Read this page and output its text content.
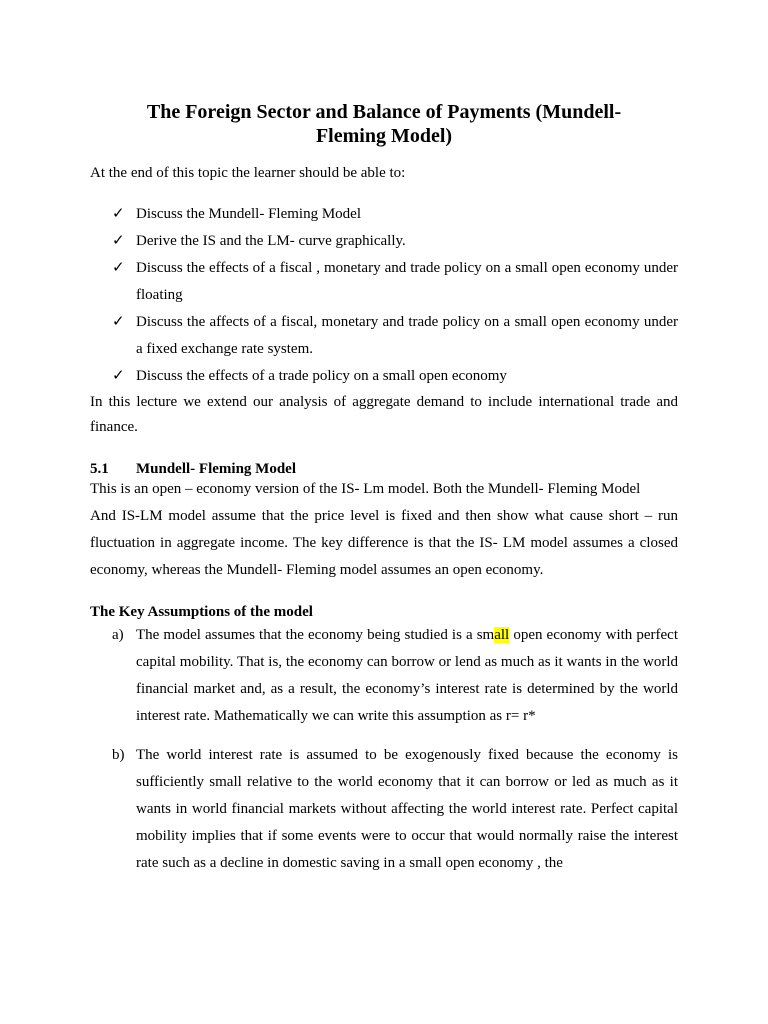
The Foreign Sector and Balance of Payments (Mundell-
Fleming Model)

At the end of this topic the learner should be able to:

✓ Discuss the Mundell- Fleming Model
✓ Derive the IS and the LM- curve graphically.
✓ Discuss the effects of a fiscal , monetary and trade policy on a small open economy under floating
✓ Discuss the affects of a fiscal, monetary and trade policy on a small open economy under a fixed exchange rate system.
✓ Discuss the effects of a trade policy on a small open economy

In this lecture we extend our analysis of aggregate demand to include international trade and finance.

5.1	Mundell- Fleming Model

This is an open – economy version of the IS- Lm model. Both the Mundell- Fleming Model
And IS-LM model assume that the price level is fixed and then show what cause short – run fluctuation in aggregate income. The key difference is that the IS- LM model assumes a closed economy, whereas the Mundell- Fleming model assumes an open economy.

The Key Assumptions of the model
a) The model assumes that the economy being studied is a small open economy with perfect capital mobility. That is, the economy can borrow or lend as much as it wants in the world financial market and, as a result, the economy’s interest rate is determined by the world interest rate. Mathematically we can write this assumption as r= r*
b) The world interest rate is assumed to be exogenously fixed because the economy is sufficiently small relative to the world economy that it can borrow or led as much as it wants in world financial markets without affecting the world interest rate. Perfect capital mobility implies that if some events were to occur that would normally raise the interest rate such as a decline in domestic saving in a small open economy , the
